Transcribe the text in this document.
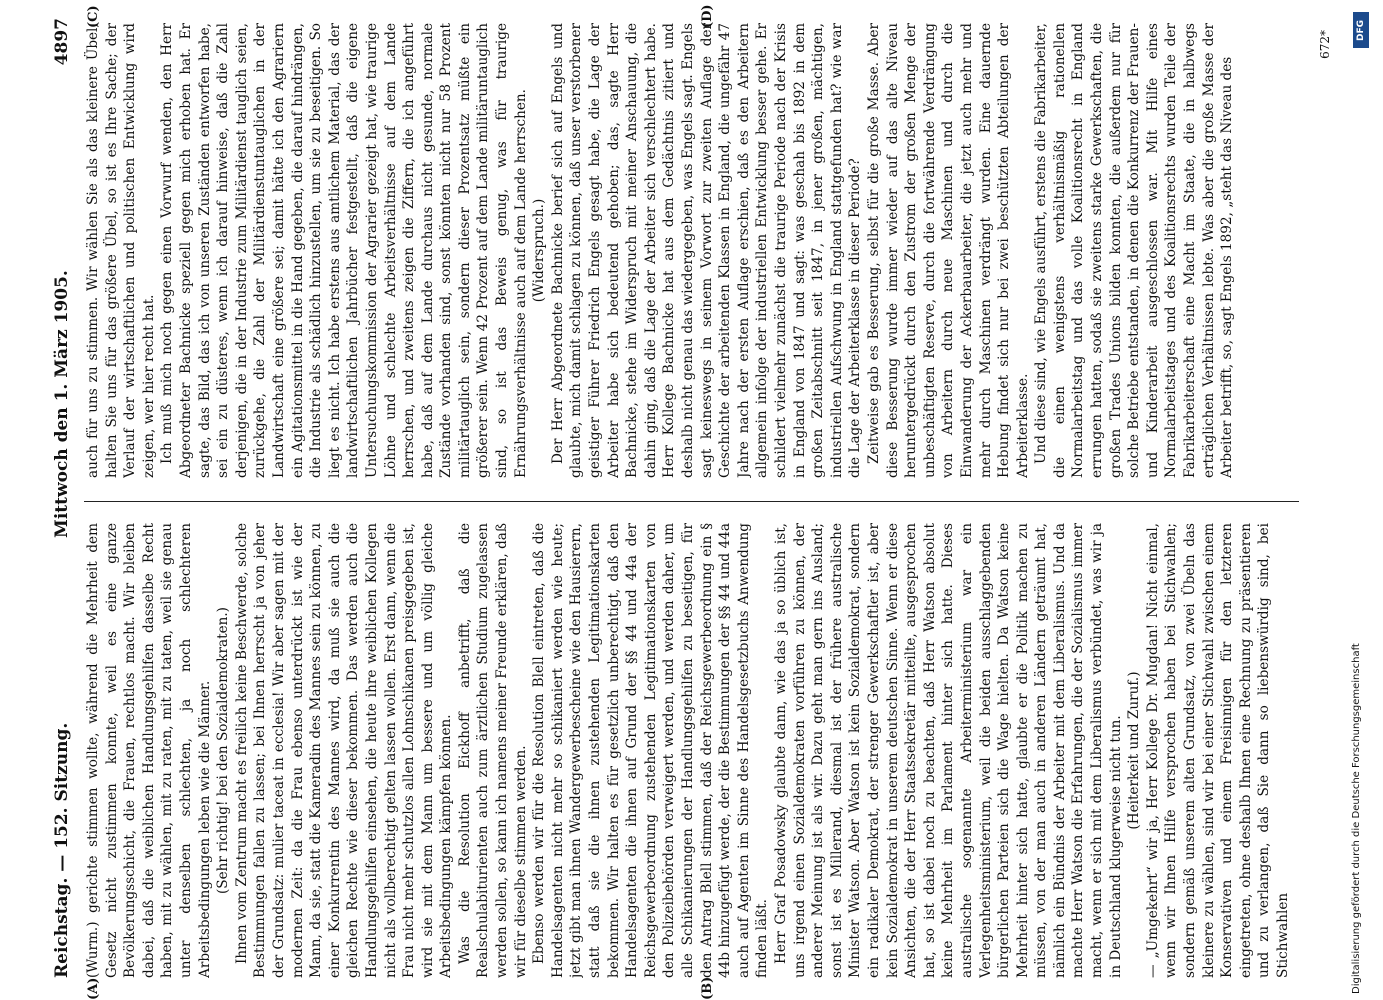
Reichstag. — 152. Sitzung.
Mittwoch den 1. März 1905.
4897
(A)	(B)
(C)	(D)

(Wurm.) gerichte stimmen wollte, während die Mehrheit dem Gesetz nicht zustimmen konnte, weil es eine ganze Bevölkerungsschicht, die Frauen, rechtlos macht. Wir bleiben dabei, daß die weiblichen Handlungsgehilfen dasselbe Recht haben, mit zu wählen, mit zu raten, mit zu taten, weil sie genau unter denselben schlechten, ja noch schlechteren Arbeitsbedingungen leben wie die Männer. (Sehr richtig! bei den Sozialdemokraten.) Ihnen vom Zentrum macht es freilich keine Beschwerde, solche Bestimmungen fallen zu lassen; bei Ihnen herrscht ja von jeher der Grundsatz: mulier taceat in ecclesia! Wir aber sagen mit der modernen Zeit: da die Frau ebenso unterdrückt ist wie der Mann, da sie, statt die Kameradin des Mannes sein zu können, zu einer Konkurrentin des Mannes wird, da muß sie auch die gleichen Rechte wie dieser bekommen. Das werden auch die Handlungsgehilfen einsehen, die heute ihre weiblichen Kollegen nicht als vollberechtigt gelten lassen wollen. Erst dann, wenn die Frau nicht mehr schutzlos allen Lohnschikanen preisgegeben ist, wird sie mit dem Mann um bessere und um völlig gleiche Arbeitsbedingungen kämpfen können. Was die Resolution Eickhoff anbetrifft, daß die Realschulabiturienten auch zum ärztlichen Studium zugelassen werden sollen, so kann ich namens meiner Freunde erklären, daß wir für dieselbe stimmen werden. Ebenso werden wir für die Resolution Blell eintreten, daß die Handelsagenten nicht mehr so schikaniert werden wie heute; jetzt gibt man ihnen Wandergewerbescheine wie den Hausierern, statt daß sie die ihnen zustehenden Legitimationskarten bekommen. Wir halten es für gesetzlich unberechtigt, daß den Handelsagenten die ihnen auf Grund der §§ 44 und 44a der Reichsgewerbeordnung zustehenden Legitimationskarten von den Polizeibehörden verweigert werden, und werden daher, um alle Schikanierungen der Handlungsgehilfen zu beseitigen, für den Antrag Blell stimmen, daß der Reichsgewerbeordnung ein § 44b hinzugefügt werde, der die Bestimmungen der §§ 44 und 44a auch auf Agenten im Sinne des Handelsgesetzbuchs Anwendung finden läßt. Herr Graf Posadowsky glaubte dann, wie das ja so üblich ist, uns irgend einen Sozialdemokraten vorführen zu können, der anderer Meinung ist als wir. Dazu geht man gern ins Ausland; sonst ist es Millerand, diesmal ist der frühere australische Minister Watson. Aber Watson ist kein Sozialdemokrat, sondern ein radikaler Demokrat, der strenger Gewerkschaftler ist, aber kein Sozialdemokrat in unserem deutschen Sinne. Wenn er diese Ansichten, die der Herr Staatssekretär mitteilte, ausgesprochen hat, so ist dabei noch zu beachten, daß Herr Watson absolut keine Mehrheit im Parlament hinter sich hatte. Dieses australische sogenannte Arbeiterministerium war ein Verlegenheitsministerium, weil die beiden ausschlaggebenden bürgerlichen Parteien sich die Wage hielten. Da Watson keine Mehrheit hinter sich hatte, glaubte er die Politik machen zu müssen, von der man auch in anderen Ländern geträumt hat, nämlich ein Bündnis der Arbeiter mit dem Liberalismus. Und da machte Herr Watson die Erfahrungen, die der Sozialismus immer macht, wenn er sich mit dem Liberalismus verbündet, was wir ja in Deutschland klugerweise nicht tun. (Heiterkeit und Zuruf.) — „Umgekehrt“ wir ja, Herr Kollege Dr. Mugdan! Nicht einmal, wenn wir Ihnen Hilfe versprochen haben bei Stichwahlen; sondern gemäß unserem alten Grundsatz, von zwei Übeln das kleinere zu wählen, sind wir bei einer Stichwahl zwischen einem Konservativen und einem Freisinnigen für den letzteren eingetreten, ohne deshalb Ihnen eine Rechnung zu präsentieren und zu verlangen, daß Sie dann so liebenswürdig sind, bei Stichwahlen

auch für uns zu stimmen. Wir wählen Sie als das kleinere Übel; halten Sie uns für das größere Übel, so ist es Ihre Sache; der Verlauf der wirtschaftlichen und politischen Entwicklung wird zeigen, wer hier recht hat. Ich muß mich noch gegen einen Vorwurf wenden, den Herr Abgeordneter Bachnicke speziell gegen mich erhoben hat. Er sagte, das Bild, das ich von unseren Zuständen entworfen habe, sei ein zu düsteres, wenn ich darauf hinweise, daß die Zahl derjenigen, die in der Industrie zum Militärdienst tauglich seien, zurückgehe, die Zahl der Militärdienstuntauglichen in der Landwirtschaft eine größere sei; damit hätte ich den Agrariern ein Agitationsmittel in die Hand gegeben, die darauf hindrängen, die Industrie als schädlich hinzustellen, um sie zu beseitigen. So liegt es nicht. Ich habe erstens aus amtlichem Material, das der landwirtschaftlichen Jahrbücher festgestellt, daß die eigene Untersuchungskommission der Agrarier gezeigt hat, wie traurige Löhne und schlechte Arbeitsverhältnisse auf dem Lande herrschen, und zweitens zeigen die Ziffern, die ich angeführt habe, daß auf dem Lande durchaus nicht gesunde, normale Zustände vorhanden sind, sonst könnten nicht nur 58 Prozent militärtauglich sein, sondern dieser Prozentsatz müßte ein größerer sein. Wenn 42 Prozent auf dem Lande militäruntauglich sind, so ist das Beweis genug, was für traurige Ernährungsverhältnisse auch auf dem Lande herrschen. (Widerspruch.) Der Herr Abgeordnete Bachnicke berief sich auf Engels und glaubte, mich damit schlagen zu können, daß unser verstorbener geistiger Führer Friedrich Engels gesagt habe, die Lage der Arbeiter habe sich bedeutend gehoben; das, sagte Herr Bachnicke, stehe im Widerspruch mit meiner Anschauung, die dahin ging, daß die Lage der Arbeiter sich verschlechtert habe. Herr Kollege Bachnicke hat aus dem Gedächtnis zitiert und deshalb nicht genau das wiedergegeben, was Engels sagt. Engels sagt keineswegs in seinem Vorwort zur zweiten Auflage der Geschichte der arbeitenden Klassen in England, die ungefähr 47 Jahre nach der ersten Auflage erschien, daß es den Arbeitern allgemein infolge der industriellen Entwicklung besser gehe. Er schildert vielmehr zunächst die traurige Periode nach der Krisis in England von 1847 und sagt: was geschah bis 1892 in dem großen Zeitabschnitt seit 1847, in jener großen, mächtigen, industriellen Aufschwung in England stattgefunden hat? wie war die Lage der Arbeiterklasse in dieser Periode? Zeitweise gab es Besserung, selbst für die große Masse. Aber diese Besserung wurde immer wieder auf das alte Niveau heruntergedrückt durch den Zustrom der großen Menge der unbeschäftigten Reserve, durch die fortwährende Verdrängung von Arbeitern durch neue Maschinen und durch die Einwanderung der Ackerbauarbeiter, die jetzt auch mehr und mehr durch Maschinen verdrängt wurden. Eine dauernde Hebung findet sich nur bei zwei beschützten Abteilungen der Arbeiterklasse. Und diese sind, wie Engels ausführt, erstens die Fabrikarbeiter, die einen wenigstens verhältnismäßig rationellen Normalarbeitstag und das volle Koalitionsrecht in England errungen hatten, sodaß sie zweitens starke Gewerkschaften, die großen Trades Unions bilden konnten, die außerdem nur für solche Betriebe entstanden, in denen die Konkurrenz der Frauen- und Kinderarbeit ausgeschlossen war. Mit Hilfe eines Normalarbeitstages und des Koalitionsrechts wurden Teile der Fabrikarbeiterschaft eine Macht im Staate, die in halbwegs erträglichen Verhältnissen lebte. Was aber die große Masse der Arbeiter betrifft, so, sagt Engels 1892, „steht das Niveau des

672*	DFG
Digitalisierung gefördert durch die Deutsche Forschungsgemeinschaft
